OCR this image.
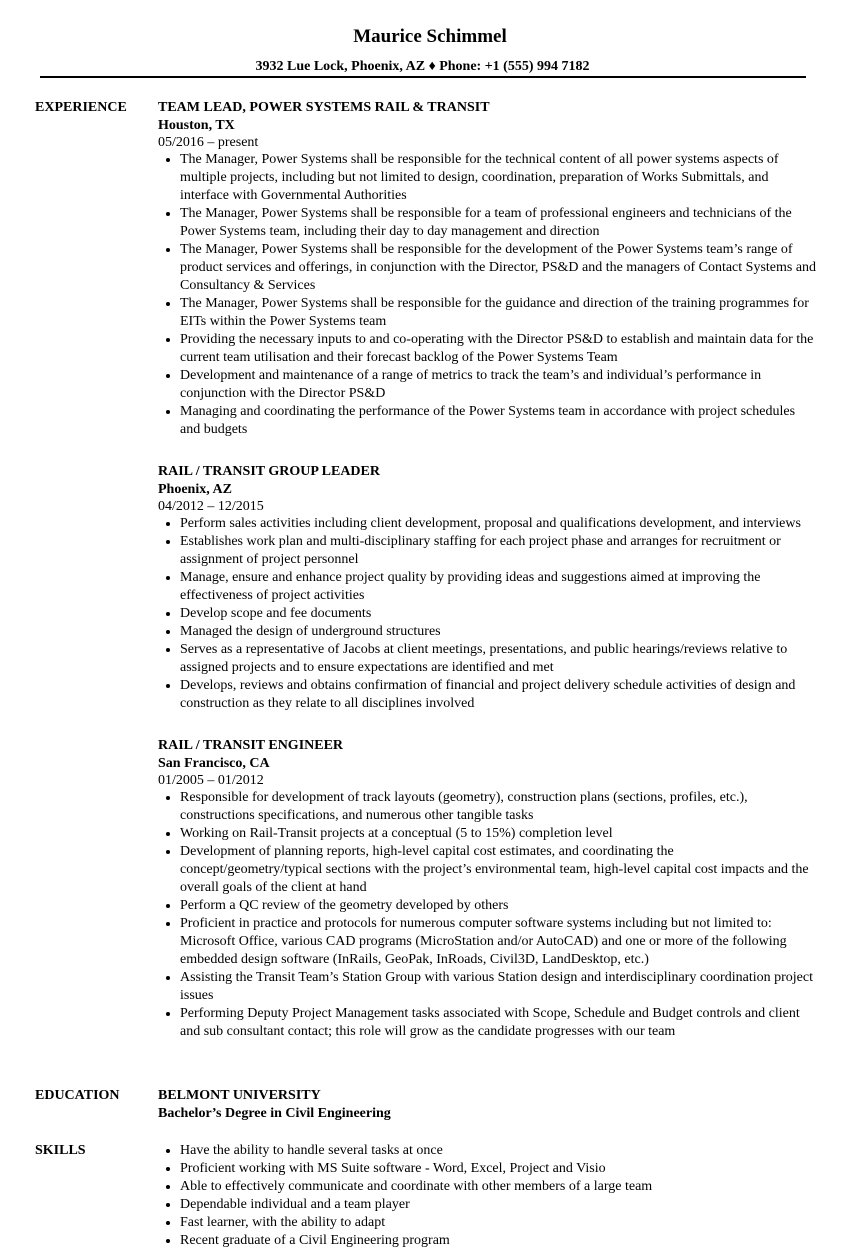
Maurice Schimmel
3932 Lue Lock, Phoenix, AZ ♦ Phone: +1 (555) 994 7182
EXPERIENCE TEAM LEAD, POWER SYSTEMS RAIL & TRANSIT
Houston, TX
05/2016 – present
The Manager, Power Systems shall be responsible for the technical content of all power systems aspects of multiple projects, including but not limited to design, coordination, preparation of Works Submittals, and interface with Governmental Authorities
The Manager, Power Systems shall be responsible for a team of professional engineers and technicians of the Power Systems team, including their day to day management and direction
The Manager, Power Systems shall be responsible for the development of the Power Systems team’s range of product services and offerings, in conjunction with the Director, PS&D and the managers of Contact Systems and Consultancy & Services
The Manager, Power Systems shall be responsible for the guidance and direction of the training programmes for EITs within the Power Systems team
Providing the necessary inputs to and co-operating with the Director PS&D to establish and maintain data for the current team utilisation and their forecast backlog of the Power Systems Team
Development and maintenance of a range of metrics to track the team’s and individual’s performance in conjunction with the Director PS&D
Managing and coordinating the performance of the Power Systems team in accordance with project schedules and budgets
RAIL / TRANSIT GROUP LEADER
Phoenix, AZ
04/2012 – 12/2015
Perform sales activities including client development, proposal and qualifications development, and interviews
Establishes work plan and multi-disciplinary staffing for each project phase and arranges for recruitment or assignment of project personnel
Manage, ensure and enhance project quality by providing ideas and suggestions aimed at improving the effectiveness of project activities
Develop scope and fee documents
Managed the design of underground structures
Serves as a representative of Jacobs at client meetings, presentations, and public hearings/reviews relative to assigned projects and to ensure expectations are identified and met
Develops, reviews and obtains confirmation of financial and project delivery schedule activities of design and construction as they relate to all disciplines involved
RAIL / TRANSIT ENGINEER
San Francisco, CA
01/2005 – 01/2012
Responsible for development of track layouts (geometry), construction plans (sections, profiles, etc.), constructions specifications, and numerous other tangible tasks
Working on Rail-Transit projects at a conceptual (5 to 15%) completion level
Development of planning reports, high-level capital cost estimates, and coordinating the concept/geometry/typical sections with the project’s environmental team, high-level capital cost impacts and the overall goals of the client at hand
Perform a QC review of the geometry developed by others
Proficient in practice and protocols for numerous computer software systems including but not limited to: Microsoft Office, various CAD programs (MicroStation and/or AutoCAD) and one or more of the following embedded design software (InRails, GeoPak, InRoads, Civil3D, LandDesktop, etc.)
Assisting the Transit Team’s Station Group with various Station design and interdisciplinary coordination project issues
Performing Deputy Project Management tasks associated with Scope, Schedule and Budget controls and client and sub consultant contact; this role will grow as the candidate progresses with our team
EDUCATION	BELMONT UNIVERSITY
Bachelor’s Degree in Civil Engineering
SKILLS	Have the ability to handle several tasks at once
Proficient working with MS Suite software - Word, Excel, Project and Visio
Able to effectively communicate and coordinate with other members of a large team
Dependable individual and a team player
Fast learner, with the ability to adapt
Recent graduate of a Civil Engineering program
